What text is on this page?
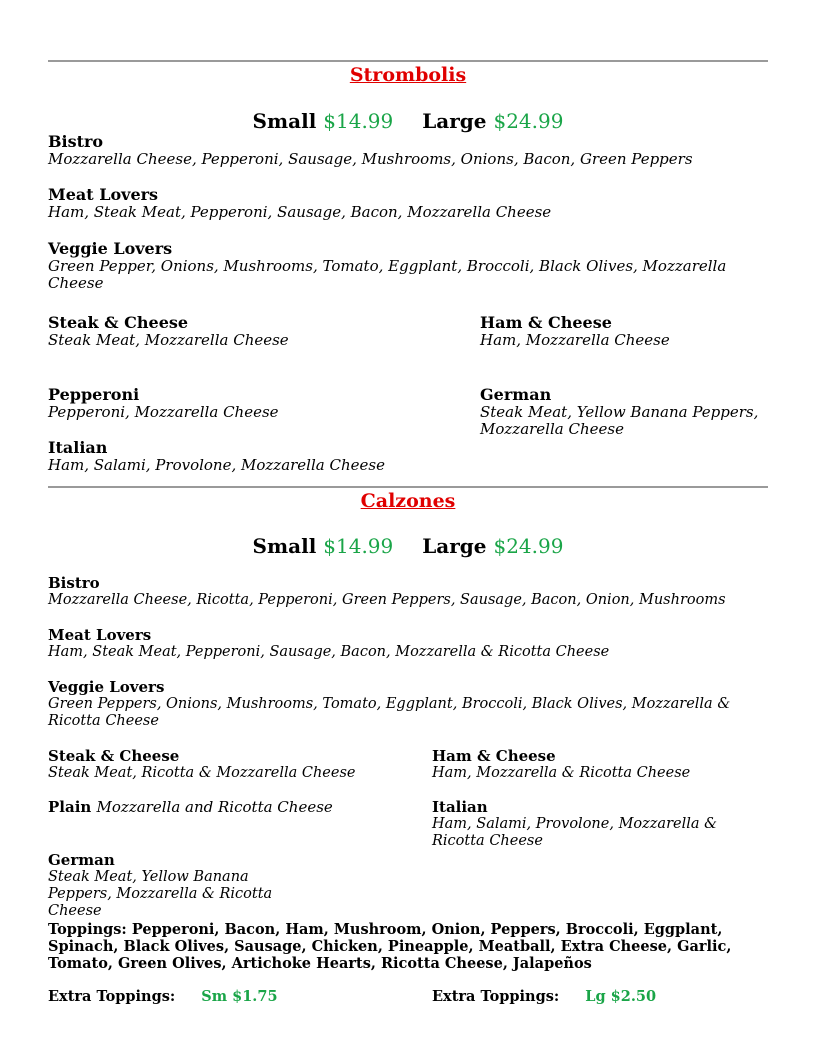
Strombolis
Small $14.99 Large $24.99
Bistro
Mozzarella Cheese, Pepperoni, Sausage, Mushrooms, Onions, Bacon, Green Peppers
Meat Lovers
Ham, Steak Meat, Pepperoni, Sausage, Bacon, Mozzarella Cheese
Veggie Lovers
Green Pepper, Onions, Mushrooms, Tomato, Eggplant, Broccoli, Black Olives, Mozzarella Cheese
Steak & Cheese
Steak Meat, Mozzarella Cheese
Ham & Cheese
Ham, Mozzarella Cheese
Pepperoni
Pepperoni, Mozzarella Cheese
German
Steak Meat, Yellow Banana Peppers, Mozzarella Cheese
Italian
Ham, Salami, Provolone, Mozzarella Cheese
Calzones
Small $14.99 Large $24.99
Bistro
Mozzarella Cheese, Ricotta, Pepperoni, Green Peppers, Sausage, Bacon, Onion, Mushrooms
Meat Lovers
Ham, Steak Meat, Pepperoni, Sausage, Bacon, Mozzarella & Ricotta Cheese
Veggie Lovers
Green Peppers, Onions, Mushrooms, Tomato, Eggplant, Broccoli, Black Olives, Mozzarella & Ricotta Cheese
Steak & Cheese
Steak Meat, Ricotta & Mozzarella Cheese
Ham & Cheese
Ham, Mozzarella & Ricotta Cheese
Plain Mozzarella and Ricotta Cheese	Italian
Ham, Salami, Provolone, Mozzarella & Ricotta Cheese
German
Steak Meat, Yellow Banana Peppers, Mozzarella & Ricotta Cheese
Toppings: Pepperoni, Bacon, Ham, Mushroom, Onion, Peppers, Broccoli, Eggplant, Spinach, Black Olives, Sausage, Chicken, Pineapple, Meatball, Extra Cheese, Garlic, Tomato, Green Olives, Artichoke Hearts, Ricotta Cheese, Jalapeños
Extra Toppings: Sm $1.75	Extra Toppings: Lg $2.50
